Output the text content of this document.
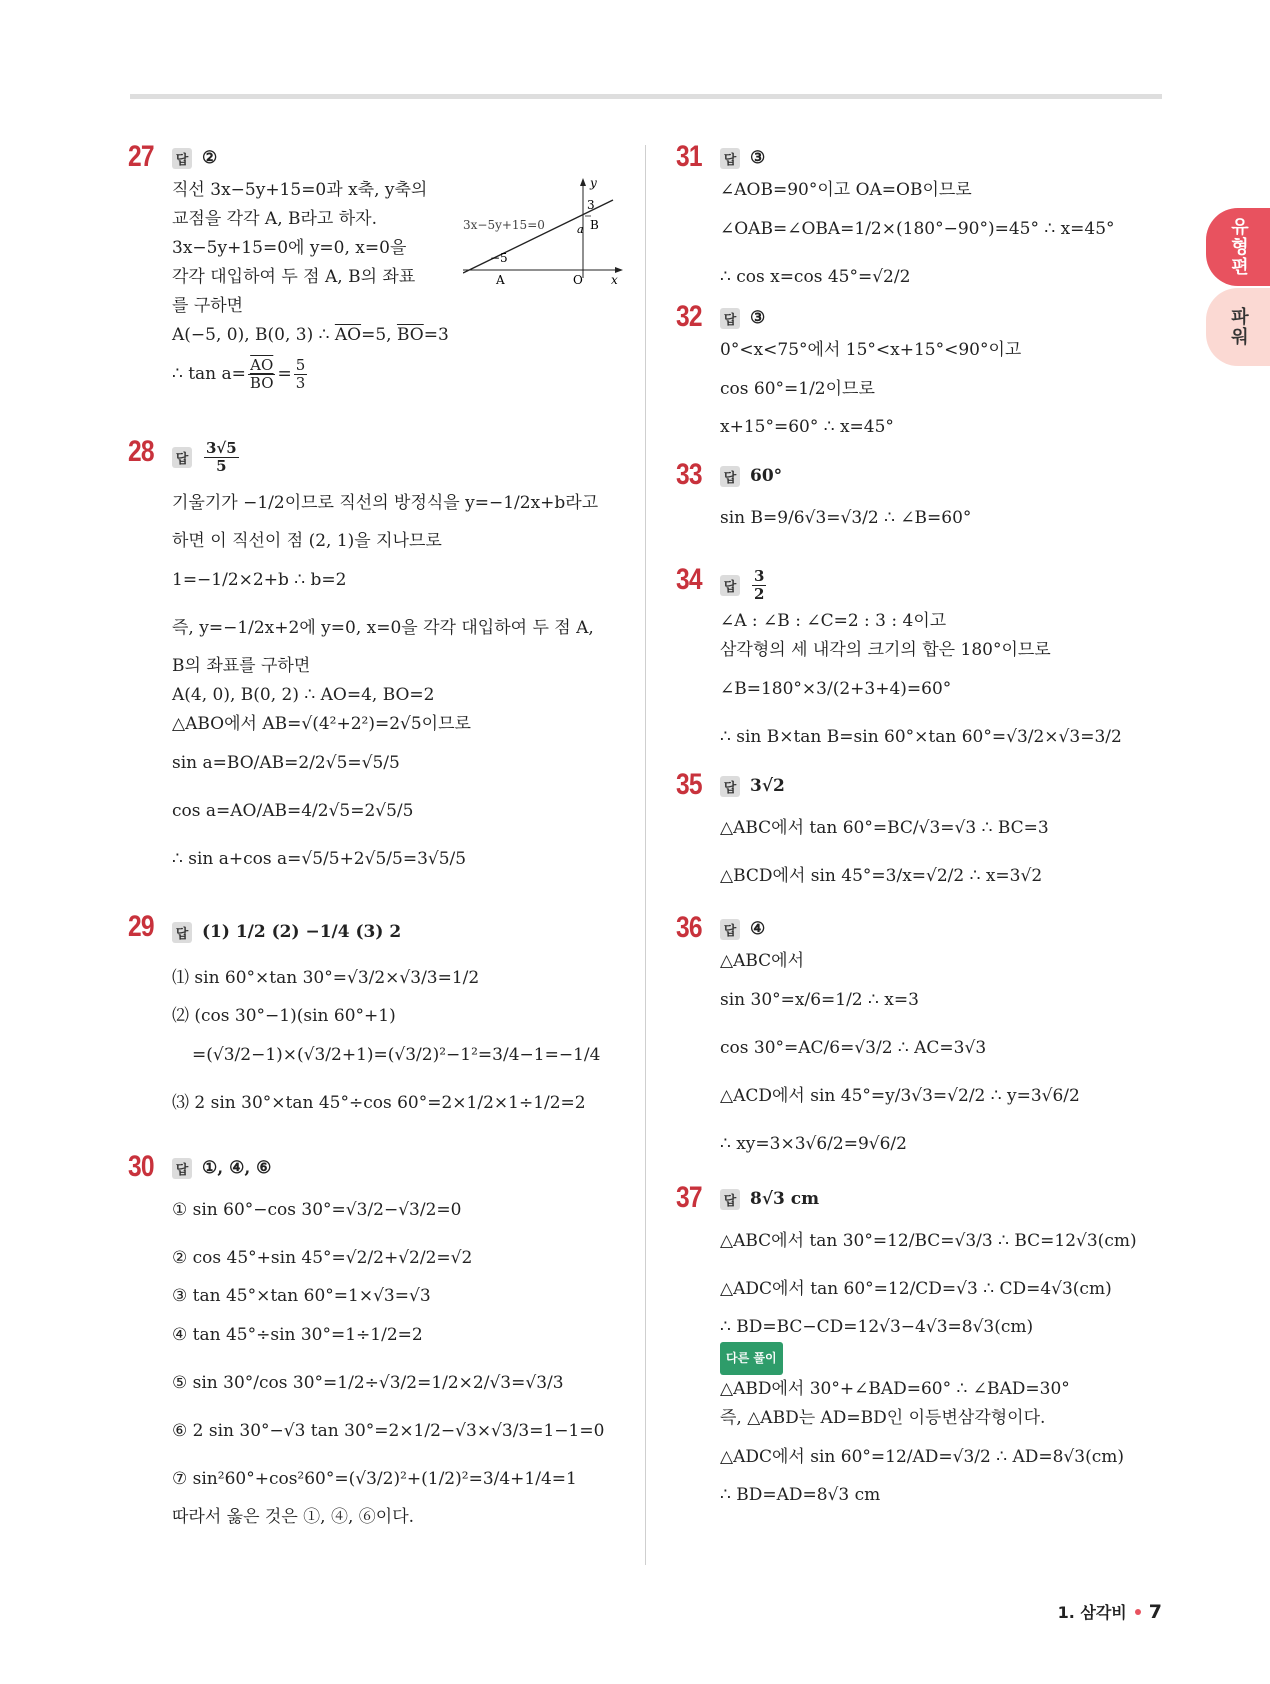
27 답 ②
직선 3x−5y+15=0과 x축, y축의
교점을 각각 A, B라고 하자.
3x−5y+15=0에 y=0, x=0을
각각 대입하여 두 점 A, B의 좌표
를 구하면
A(−5, 0), B(0, 3) ∴ $\overline{AO}=5$, $\overline{BO}=3$
∴ $\tan a= \frac{\overline{AO}}{BO} = \frac{5}{3}$
28 답 $\frac{3√5}{5}$
기울기가 −1/2이므로 직선의 방정식을 y=−1/2x+b라고
하면 이 직선이 점 (2, 1)을 지나므로
1=−1/2×2+b ∴ b=2
즉, y=−1/2x+2에 y=0, x=0을 각각 대입하여 두 점 A,
B의 좌표를 구하면
A(4, 0), B(0, 2) ∴ AO=4, BO=2
△ABO에서 AB=√(4²+2²)=2√5이므로
sin a=BO/AB=2/2√5=√5/5
cos a=AO/AB=4/2√5=2√5/5
∴ sin a+cos a=√5/5+2√5/5=3√5/5
29 답 (1) 1/2 (2) −1/4 (3) 2
⑴ sin 60°×tan 30°=√3/2×√3/3=1/2
⑵ (cos 30°−1)(sin 60°+1)
=(√3/2−1)×(√3/2+1)=(√3/2)²−1²=3/4−1=−1/4
⑶ 2 sin 30°×tan 45°÷cos 60°=2×1/2×1÷1/2=2
30 답 ①, ④, ⑥
① sin 60°−cos 30°=√3/2−√3/2=0
② cos 45°+sin 45°=√2/2+√2/2=√2
③ tan 45°×tan 60°=1×√3=√3
④ tan 45°÷sin 30°=1÷1/2=2
⑤ sin 30°/cos 30°=1/2÷√3/2=1/2×2/√3=√3/3
⑥ 2 sin 30°−√3 tan 30°=2×1/2−√3×√3/3=1−1=0
⑦ sin²60°+cos²60°=(√3/2)²+(1/2)²=3/4+1/4=1
따라서 옳은 것은 ①, ④, ⑥이다.
y
x
3x−5y+15=0
3
B
a
−5
A	O
31 답 ③
∠AOB=90°이고 OA=OB이므로
∠OAB=∠OBA=1/2×(180°−90°)=45° ∴ x=45°
∴ cos x=cos 45°=√2/2
32 답 ③
0°<x<75°에서 15°<x+15°<90°이고
cos 60°=1/2이므로
x+15°=60° ∴ x=45°
33 답 60°
sin B=9/6√3=√3/2 ∴ ∠B=60°
34 답 $\frac{3}{2}$
∠A : ∠B : ∠C=2 : 3 : 4이고
삼각형의 세 내각의 크기의 합은 180°이므로
∠B=180°×3/(2+3+4)=60°
∴ sin B×tan B=sin 60°×tan 60°=√3/2×√3=3/2
35 답 3√2
△ABC에서 tan 60°=BC/√3=√3 ∴ BC=3
△BCD에서 sin 45°=3/x=√2/2 ∴ x=3√2
36 답 ④
△ABC에서
sin 30°=x/6=1/2 ∴ x=3
cos 30°=AC/6=√3/2 ∴ AC=3√3
△ACD에서 sin 45°=y/3√3=√2/2 ∴ y=3√6/2
∴ xy=3×3√6/2=9√6/2
37 답 8√3 cm
△ABC에서 tan 30°=12/BC=√3/3 ∴ BC=12√3(cm)
△ADC에서 tan 60°=12/CD=√3 ∴ CD=4√3(cm)
∴ BD=BC−CD=12√3−4√3=8√3(cm)
다른 풀이
△ABD에서 30°+∠BAD=60° ∴ ∠BAD=30°
즉, △ABD는 AD=BD인 이등변삼각형이다.
△ADC에서 sin 60°=12/AD=√3/2 ∴ AD=8√3(cm)
∴ BD=AD=8√3 cm
유형편
파워
1. 삼각비 7
